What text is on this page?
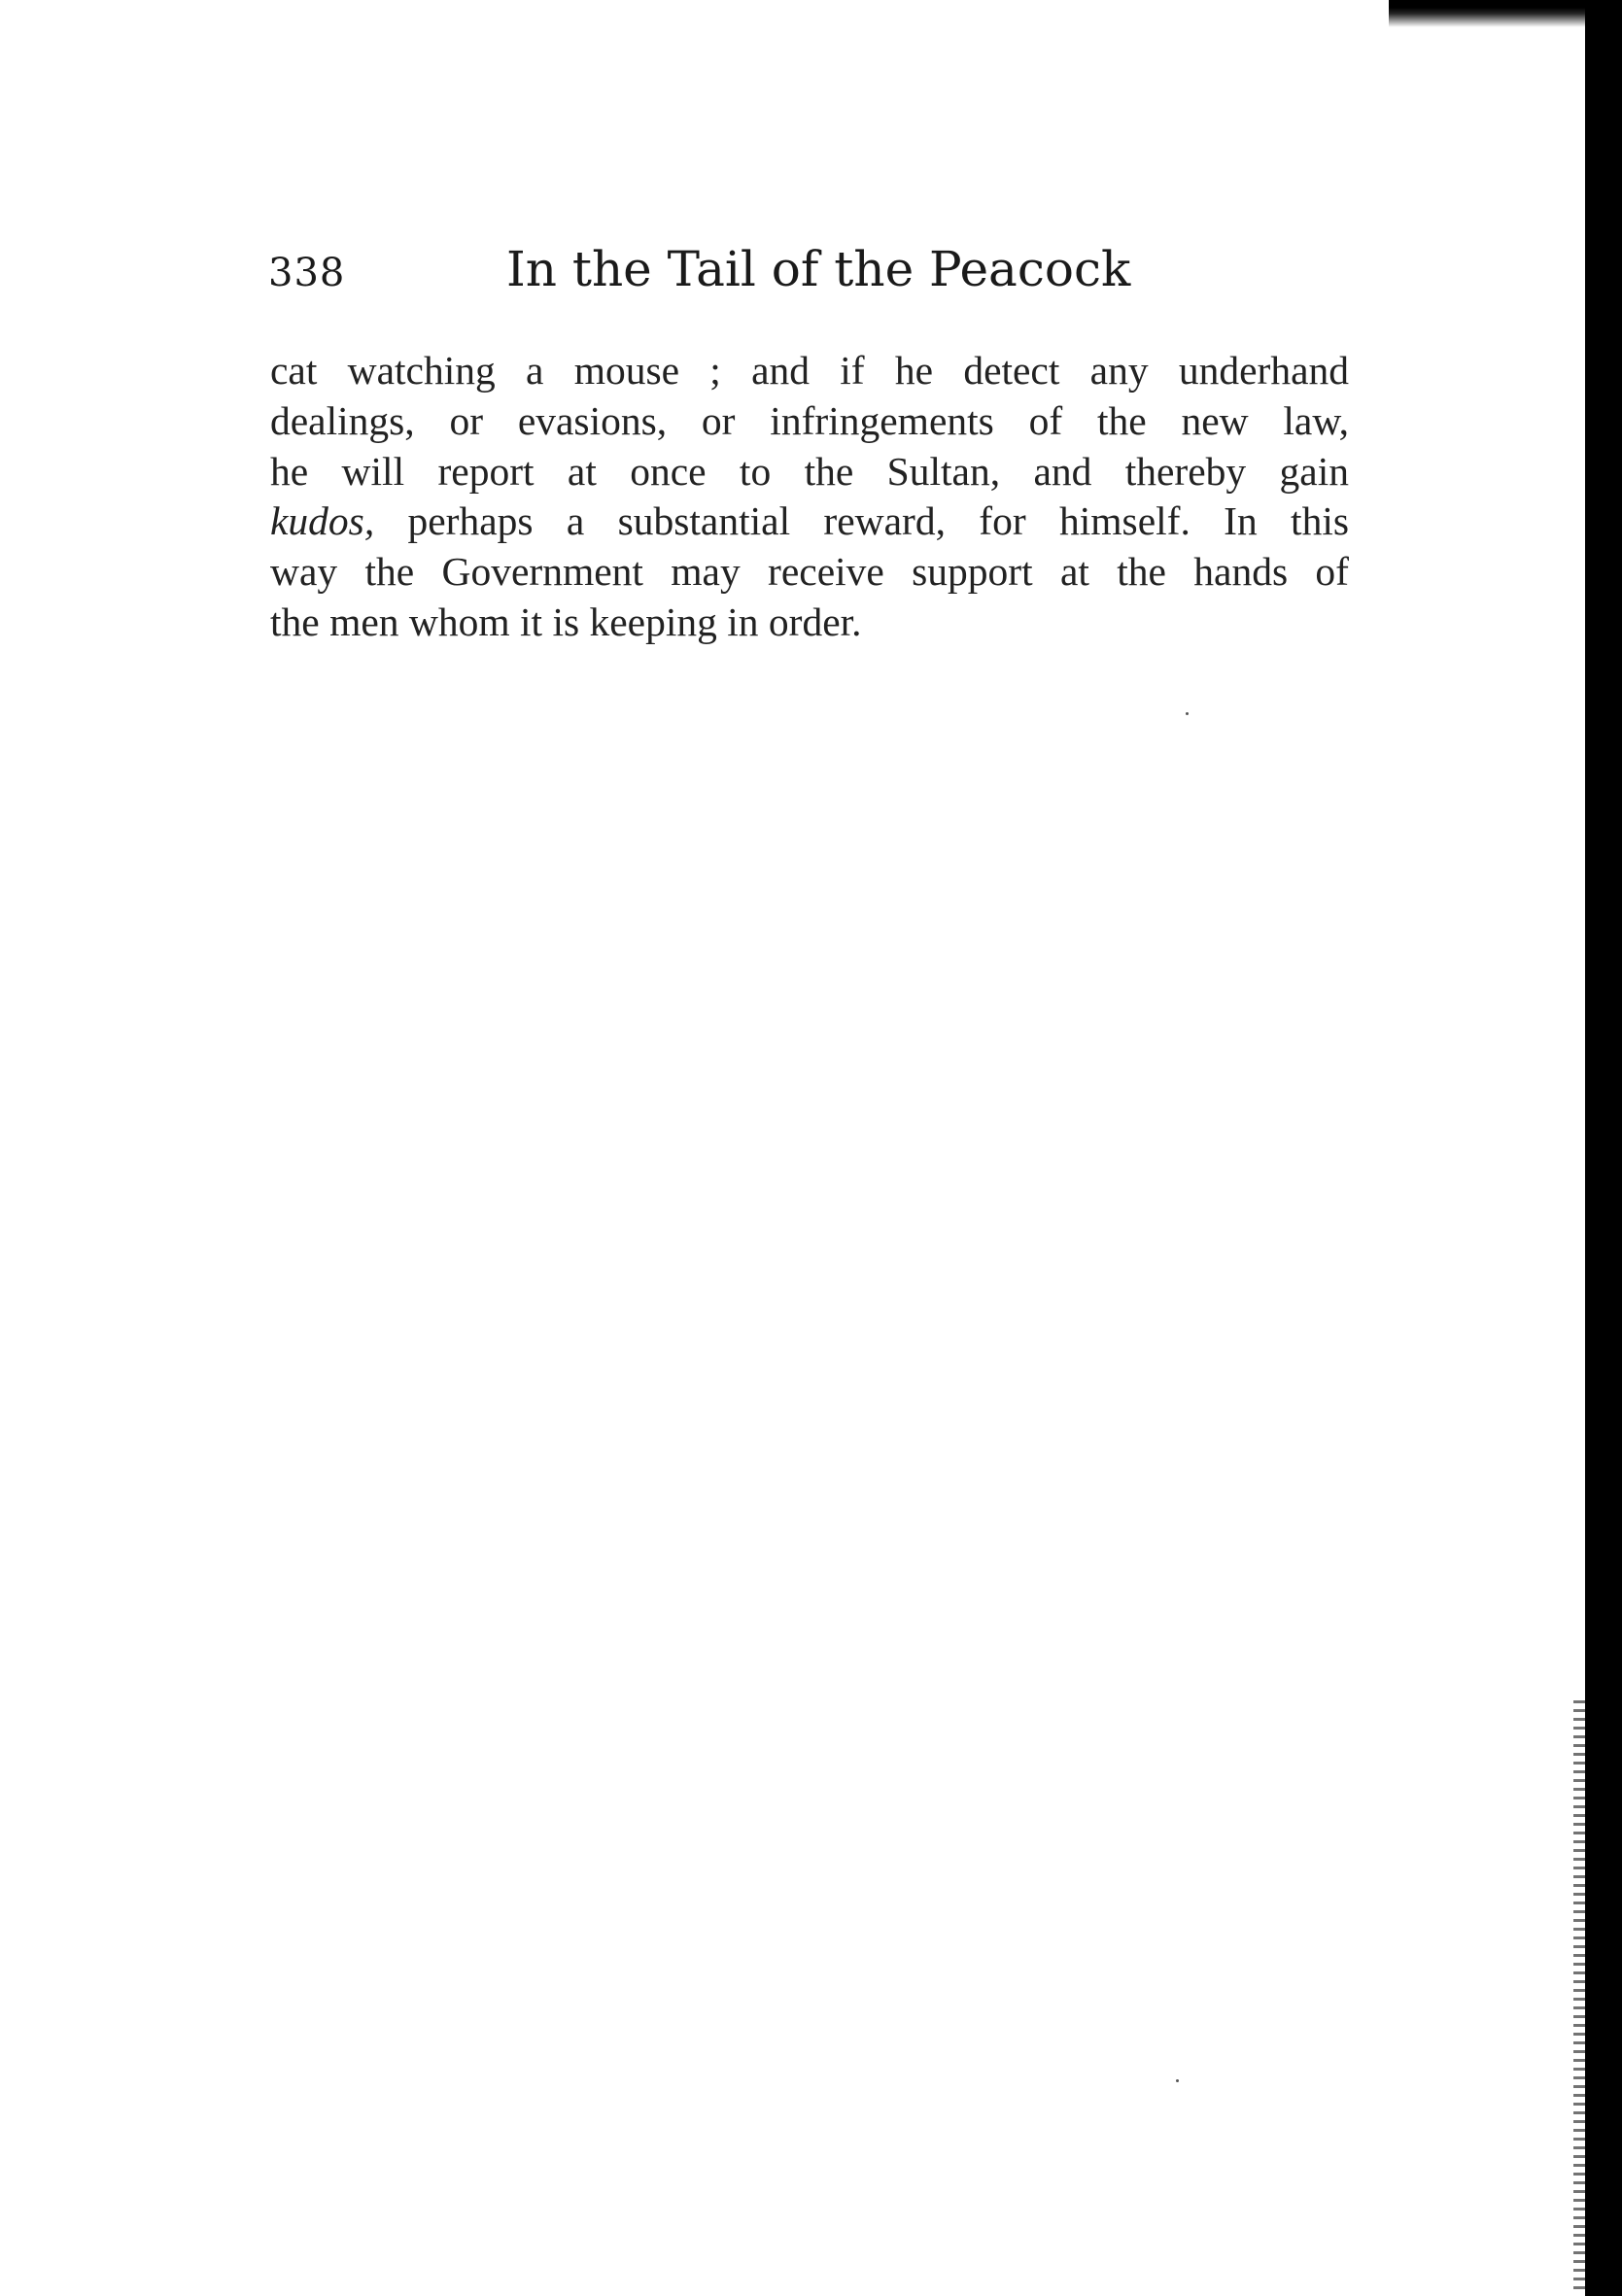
338	In the Tail of the Peacock
cat watching a mouse ; and if he detect any underhand
dealings, or evasions, or infringements of the new law,
he will report at once to the Sultan, and thereby gain
kudos, perhaps a substantial reward, for himself. In this
way the Government may receive support at the hands of
the men whom it is keeping in order.
